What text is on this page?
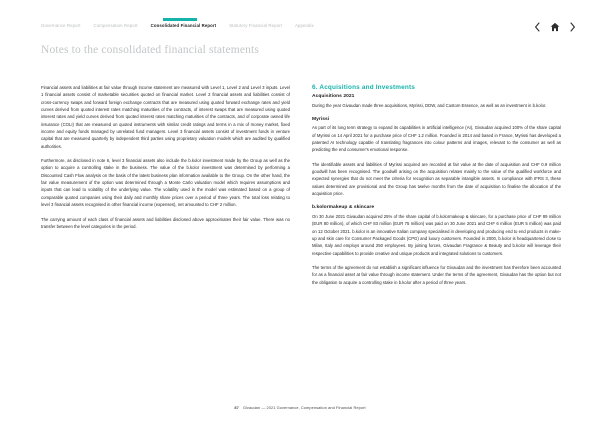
Governance Report	Compensation Report	Consolidated Financial Report	Statutory Financial Report	Appendix
Notes to the consolidated financial statements

Financial assets and liabilities at fair value through income statement are measured with Level 1, Level 2 and Level 3 inputs. Level 1 financial assets consist of marketable securities quoted on financial market. Level 2 financial assets and liabilities consist of cross-currency swaps and forward foreign exchange contracts that are measured using quoted forward exchange rates and yield curves derived from quoted interest rates matching maturities of the contracts, of interest swaps that are measured using quoted interest rates and yield curves derived from quoted interest rates matching maturities of the contracts, and of corporate owned life insurance (COLI) that are measured on quoted instruments with similar credit ratings and terms in a mix of money market, fixed income and equity funds managed by unrelated fund managers. Level 3 financial assets consist of investment funds in venture capital that are measured quarterly by independent third parties using proprietary valuation models which are audited by qualified authorities.

Furthermore, as disclosed in note 6, level 3 financial assets also include the b.kolor investment made by the Group as well as the option to acquire a controlling stake in the business. The value of the b.kolor investment was determined by performing a Discounted Cash Flow analysis on the basis of the latest business plan information available to the Group. On the other hand, the fair value measurement of the option was determined through a Monte Carlo valuation model which requires assumptions and inputs that can lead to volatility of the underlying value. The volatility used in the model was estimated based on a group of comparable quoted companies using their daily and monthly share prices over a period of three years. The total loss relating to level 3 financial assets recognised in other financial income (expenses), net amounted to CHF 2 million.

The carrying amount of each class of financial assets and liabilities disclosed above approximates their fair value. There was no transfer between the level categories in the period.

6. Acquisitions and Investments
Acquisitions 2021

During the year Givaudan made three acquisitions, Myrissi, DDW, and Custom Essence, as well as an investment in b.kolor.

Myrissi

As part of its long term strategy to expand its capabilities in artificial intelligence (AI), Givaudan acquired 100% of the share capital of Myrissi on 14 April 2021 for a purchase price of CHF 1.2 million. Founded in 2014 and based in France, Myrissi has developed a patented AI technology capable of translating fragrances into colour patterns and images, relevant to the consumer as well as predicting the end consumer's emotional response.

The identifiable assets and liabilities of Myrissi acquired are recorded at fair value at the date of acquisition and CHF 0.9 million goodwill has been recognised. The goodwill arising on the acquisition relates mainly to the value of the qualified workforce and expected synergies that do not meet the criteria for recognition as separable intangible assets. In compliance with IFRS 3, these values determined are provisional and the Group has twelve months from the date of acquisition to finalise the allocation of the acquisition price.

b.kolormakeup & skincare

On 30 June 2021 Givaudan acquired 25% of the share capital of b.kolormakeup & skincare, for a purchase price of CHF 89 million (EUR 80 million), of which CHF 83 million (EUR 75 million) was paid on 30 June 2021 and CHF 6 million (EUR 5 million) was paid on 12 October 2021. b.kolor is an innovative Italian company specialised in developing and producing end to end products in make-up and skin care for Consumer Packaged Goods (CPG) and luxury customers. Founded in 2000, b.kolor is headquartered close to Milan, Italy and employs around 250 employees. By joining forces, Givaudan Fragrance & Beauty and b.kolor will leverage their respective capabilities to provide creative and unique products and integrated solutions to customers.

The terms of the agreement do not establish a significant influence for Givaudan and the investment has therefore been accounted for as a financial asset at fair value through income statement. Under the terms of the agreement, Givaudan has the option but not the obligation to acquire a controlling stake in b.kolor after a period of three years.

87 Givaudan — 2021 Governance, Compensation and Financial Report
